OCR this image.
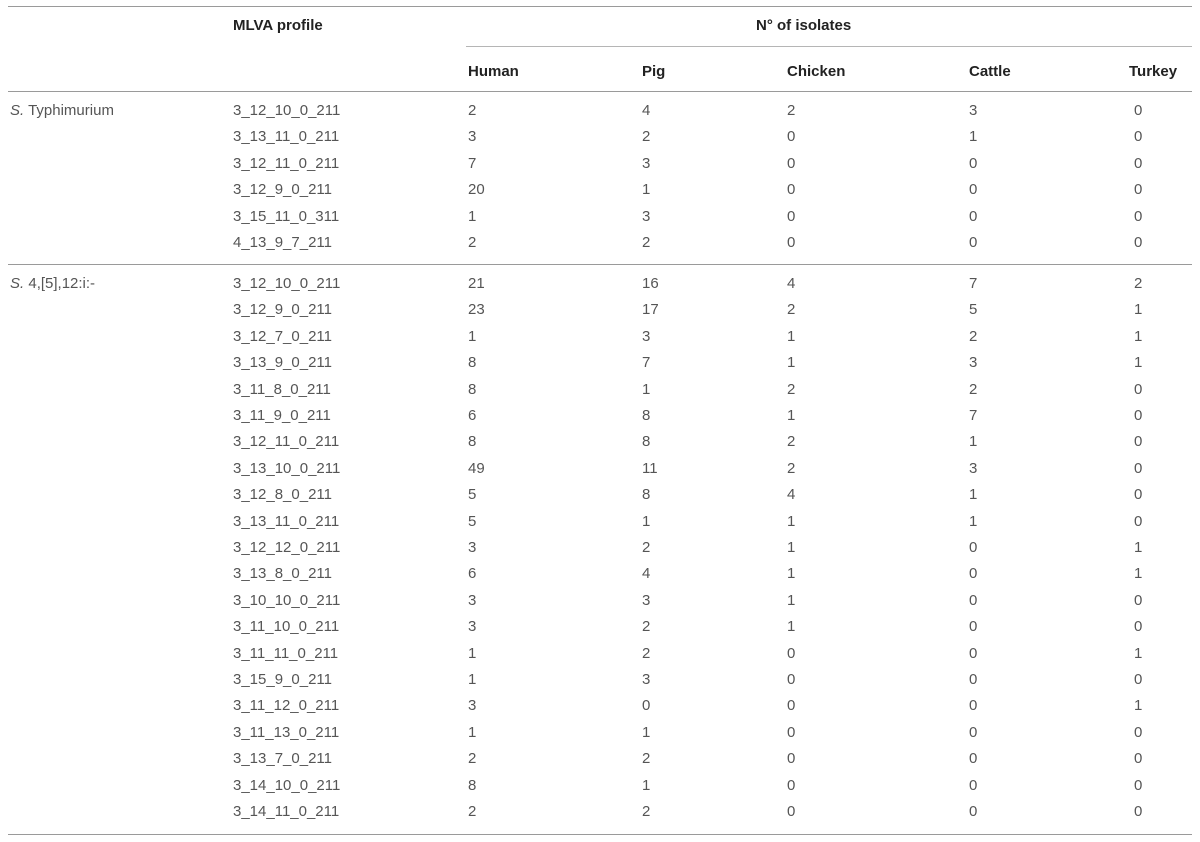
MLVA profile	N° of isolates
Human	Pig	Chicken	Cattle	Turkey
S. Typhimurium	3_12_10_0_211	2	4	2	3	0
3_13_11_0_211	3	2	0	1	0
3_12_11_0_211	7	3	0	0	0
3_12_9_0_211	20	1	0	0	0
3_15_11_0_311	1	3	0	0	0
4_13_9_7_211	2	2	0	0	0
S. 4,[5],12:i:-	3_12_10_0_211	21	16	4	7	2
3_12_9_0_211	23	17	2	5	1
3_12_7_0_211	1	3	1	2	1
3_13_9_0_211	8	7	1	3	1
3_11_8_0_211	8	1	2	2	0
3_11_9_0_211	6	8	1	7	0
3_12_11_0_211	8	8	2	1	0
3_13_10_0_211	49	11	2	3	0
3_12_8_0_211	5	8	4	1	0
3_13_11_0_211	5	1	1	1	0
3_12_12_0_211	3	2	1	0	1
3_13_8_0_211	6	4	1	0	1
3_10_10_0_211	3	3	1	0	0
3_11_10_0_211	3	2	1	0	0
3_11_11_0_211	1	2	0	0	1
3_15_9_0_211	1	3	0	0	0
3_11_12_0_211	3	0	0	0	1
3_11_13_0_211	1	1	0	0	0
3_13_7_0_211	2	2	0	0	0
3_14_10_0_211	8	1	0	0	0
3_14_11_0_211	2	2	0	0	0
